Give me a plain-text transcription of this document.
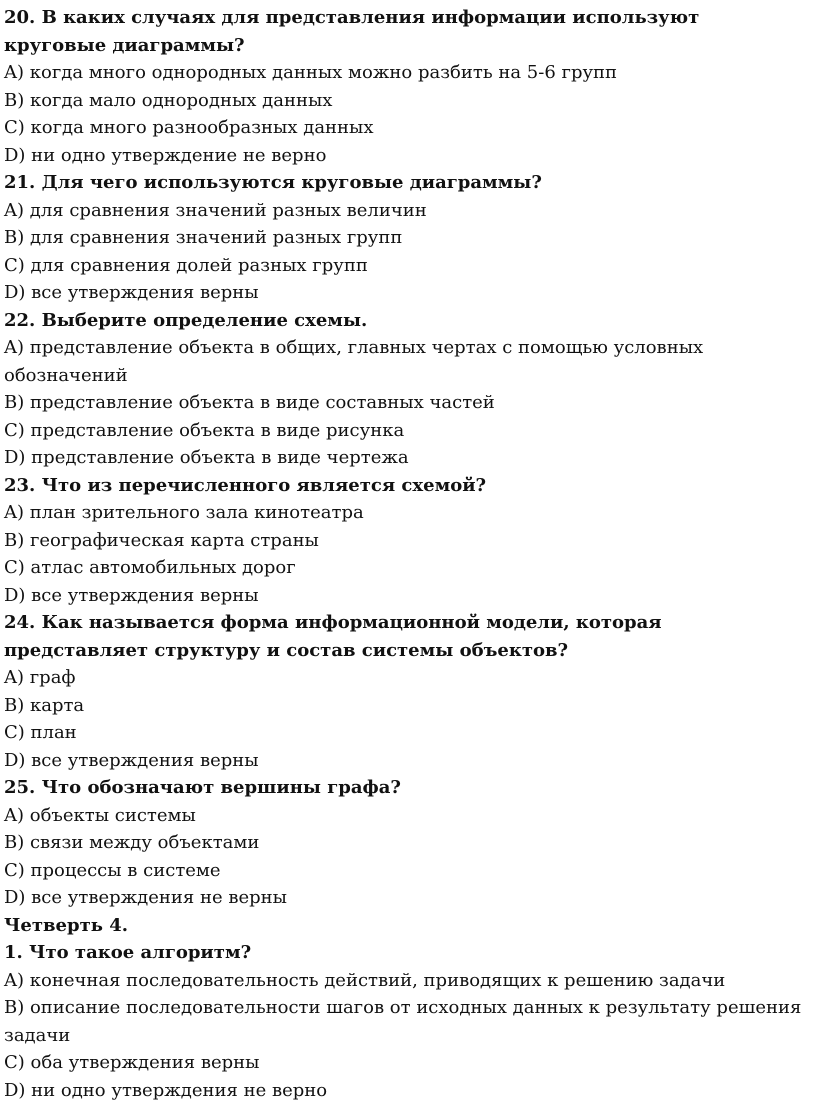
20. В каких случаях для представления информации используют круговые диаграммы?
A) когда много однородных данных можно разбить на 5-6 групп
B) когда мало однородных данных
C) когда много разнообразных данных
D) ни одно утверждение не верно
21. Для чего используются круговые диаграммы?
A) для сравнения значений разных величин
B) для сравнения значений разных групп
C) для сравнения долей разных групп
D) все утверждения верны
22. Выберите определение схемы.
A) представление объекта в общих, главных чертах с помощью условных обозначений
B) представление объекта в виде составных частей
C) представление объекта в виде рисунка
D) представление объекта в виде чертежа
23. Что из перечисленного является схемой?
A) план зрительного зала кинотеатра
B) географическая карта страны
C) атлас автомобильных дорог
D) все утверждения верны
24. Как называется форма информационной модели, которая представляет структуру и состав системы объектов?
A) граф
B) карта
C) план
D) все утверждения верны
25. Что обозначают вершины графа?
A) объекты системы
B) связи между объектами
C) процессы в системе
D) все утверждения не верны
Четверть 4.
1. Что такое алгоритм?
A) конечная последовательность действий, приводящих к решению задачи
B) описание последовательности шагов от исходных данных к результату решения задачи
C) оба утверждения верны
D) ни одно утверждения не верно
